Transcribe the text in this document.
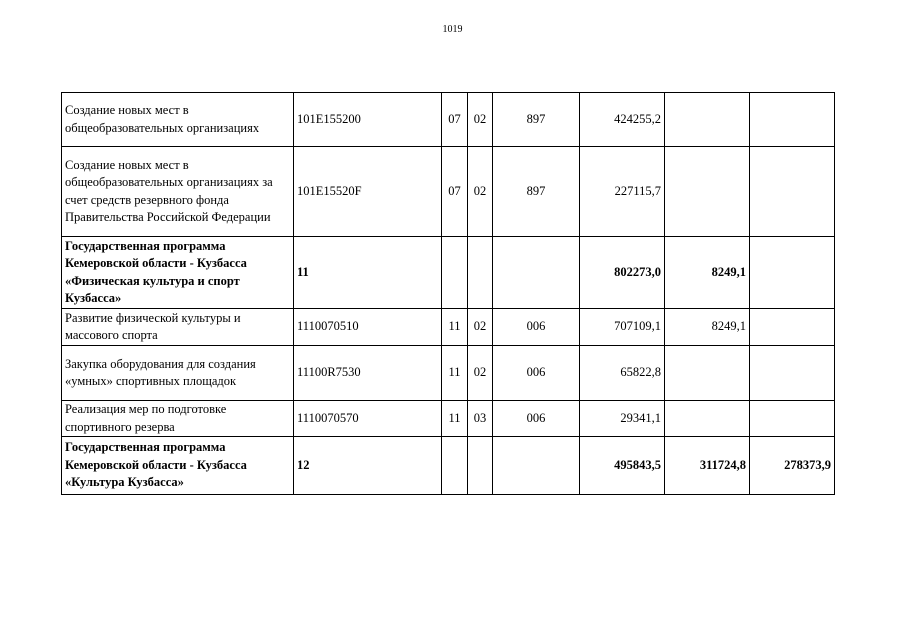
1019
Создание новых мест в общеобразовательных организациях	101Е155200	07	02	897	424255,2		
Создание новых мест в общеобразовательных организациях за счет средств резервного фонда Правительства Российской Федерации	101Е15520F	07	02	897	227115,7		
Государственная программа Кемеровской области - Кузбасса «Физическая культура и спорт Кузбасса»	11				802273,0	8249,1	
Развитие физической культуры и массового спорта	1110070510	11	02	006	707109,1	8249,1	
Закупка оборудования для создания «умных» спортивных площадок	11100R7530	11	02	006	65822,8		
Реализация мер по подготовке спортивного резерва	1110070570	11	03	006	29341,1		
Государственная программа Кемеровской области - Кузбасса «Культура Кузбасса»	12				495843,5	311724,8	278373,9
